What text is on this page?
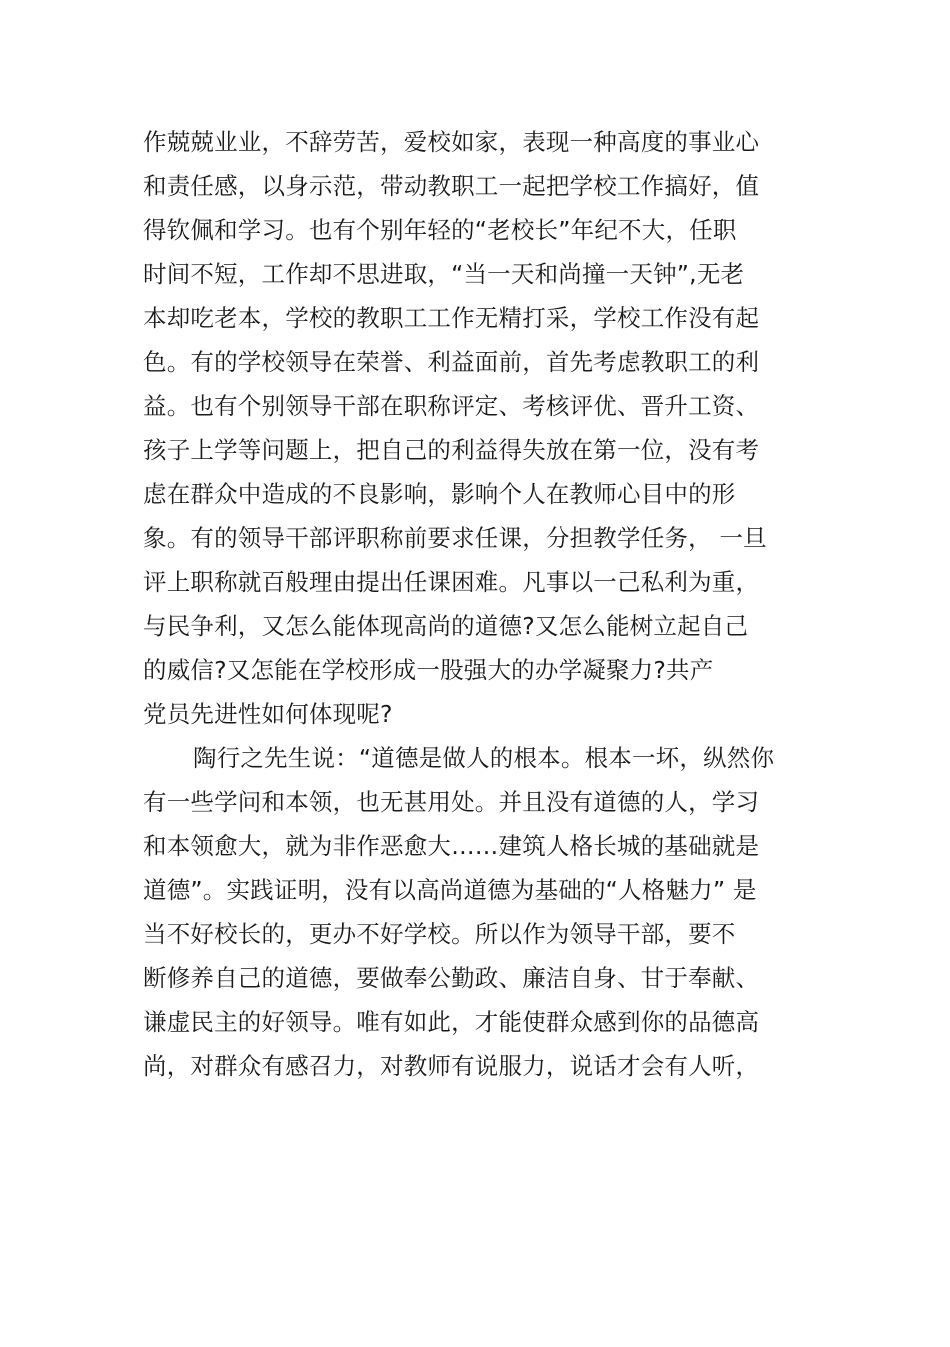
作兢兢业业，不辞劳苦，爱校如家，表现一种高度的事业心
和责任感，以身示范，带动教职工一起把学校工作搞好，值
得钦佩和学习。也有个别年轻的“老校长”年纪不大，任职
时间不短，工作却不思进取，“当一天和尚撞一天钟”,无老
本却吃老本，学校的教职工工作无精打采，学校工作没有起
色。有的学校领导在荣誉、利益面前，首先考虑教职工的利
益。也有个别领导干部在职称评定、考核评优、晋升工资、
孩子上学等问题上，把自己的利益得失放在第一位，没有考
虑在群众中造成的不良影响，影响个人在教师心目中的形
象。有的领导干部评职称前要求任课，分担教学任务， 一旦
评上职称就百般理由提出任课困难。凡事以一己私利为重，
与民争利，又怎么能体现高尚的道德?又怎么能树立起自己
的威信?又怎能在学校形成一股强大的办学凝聚力?共产
党员先进性如何体现呢?
陶行之先生说：“道德是做人的根本。根本一坏，纵然你
有一些学问和本领，也无甚用处。并且没有道德的人，学习
和本领愈大，就为非作恶愈大……建筑人格长城的基础就是
道德”。实践证明，没有以高尚道德为基础的“人格魅力” 是
当不好校长的，更办不好学校。所以作为领导干部，要不
断修养自己的道德，要做奉公勤政、廉洁自身、甘于奉献、
谦虚民主的好领导。唯有如此，才能使群众感到你的品德高
尚，对群众有感召力，对教师有说服力，说话才会有人听，
